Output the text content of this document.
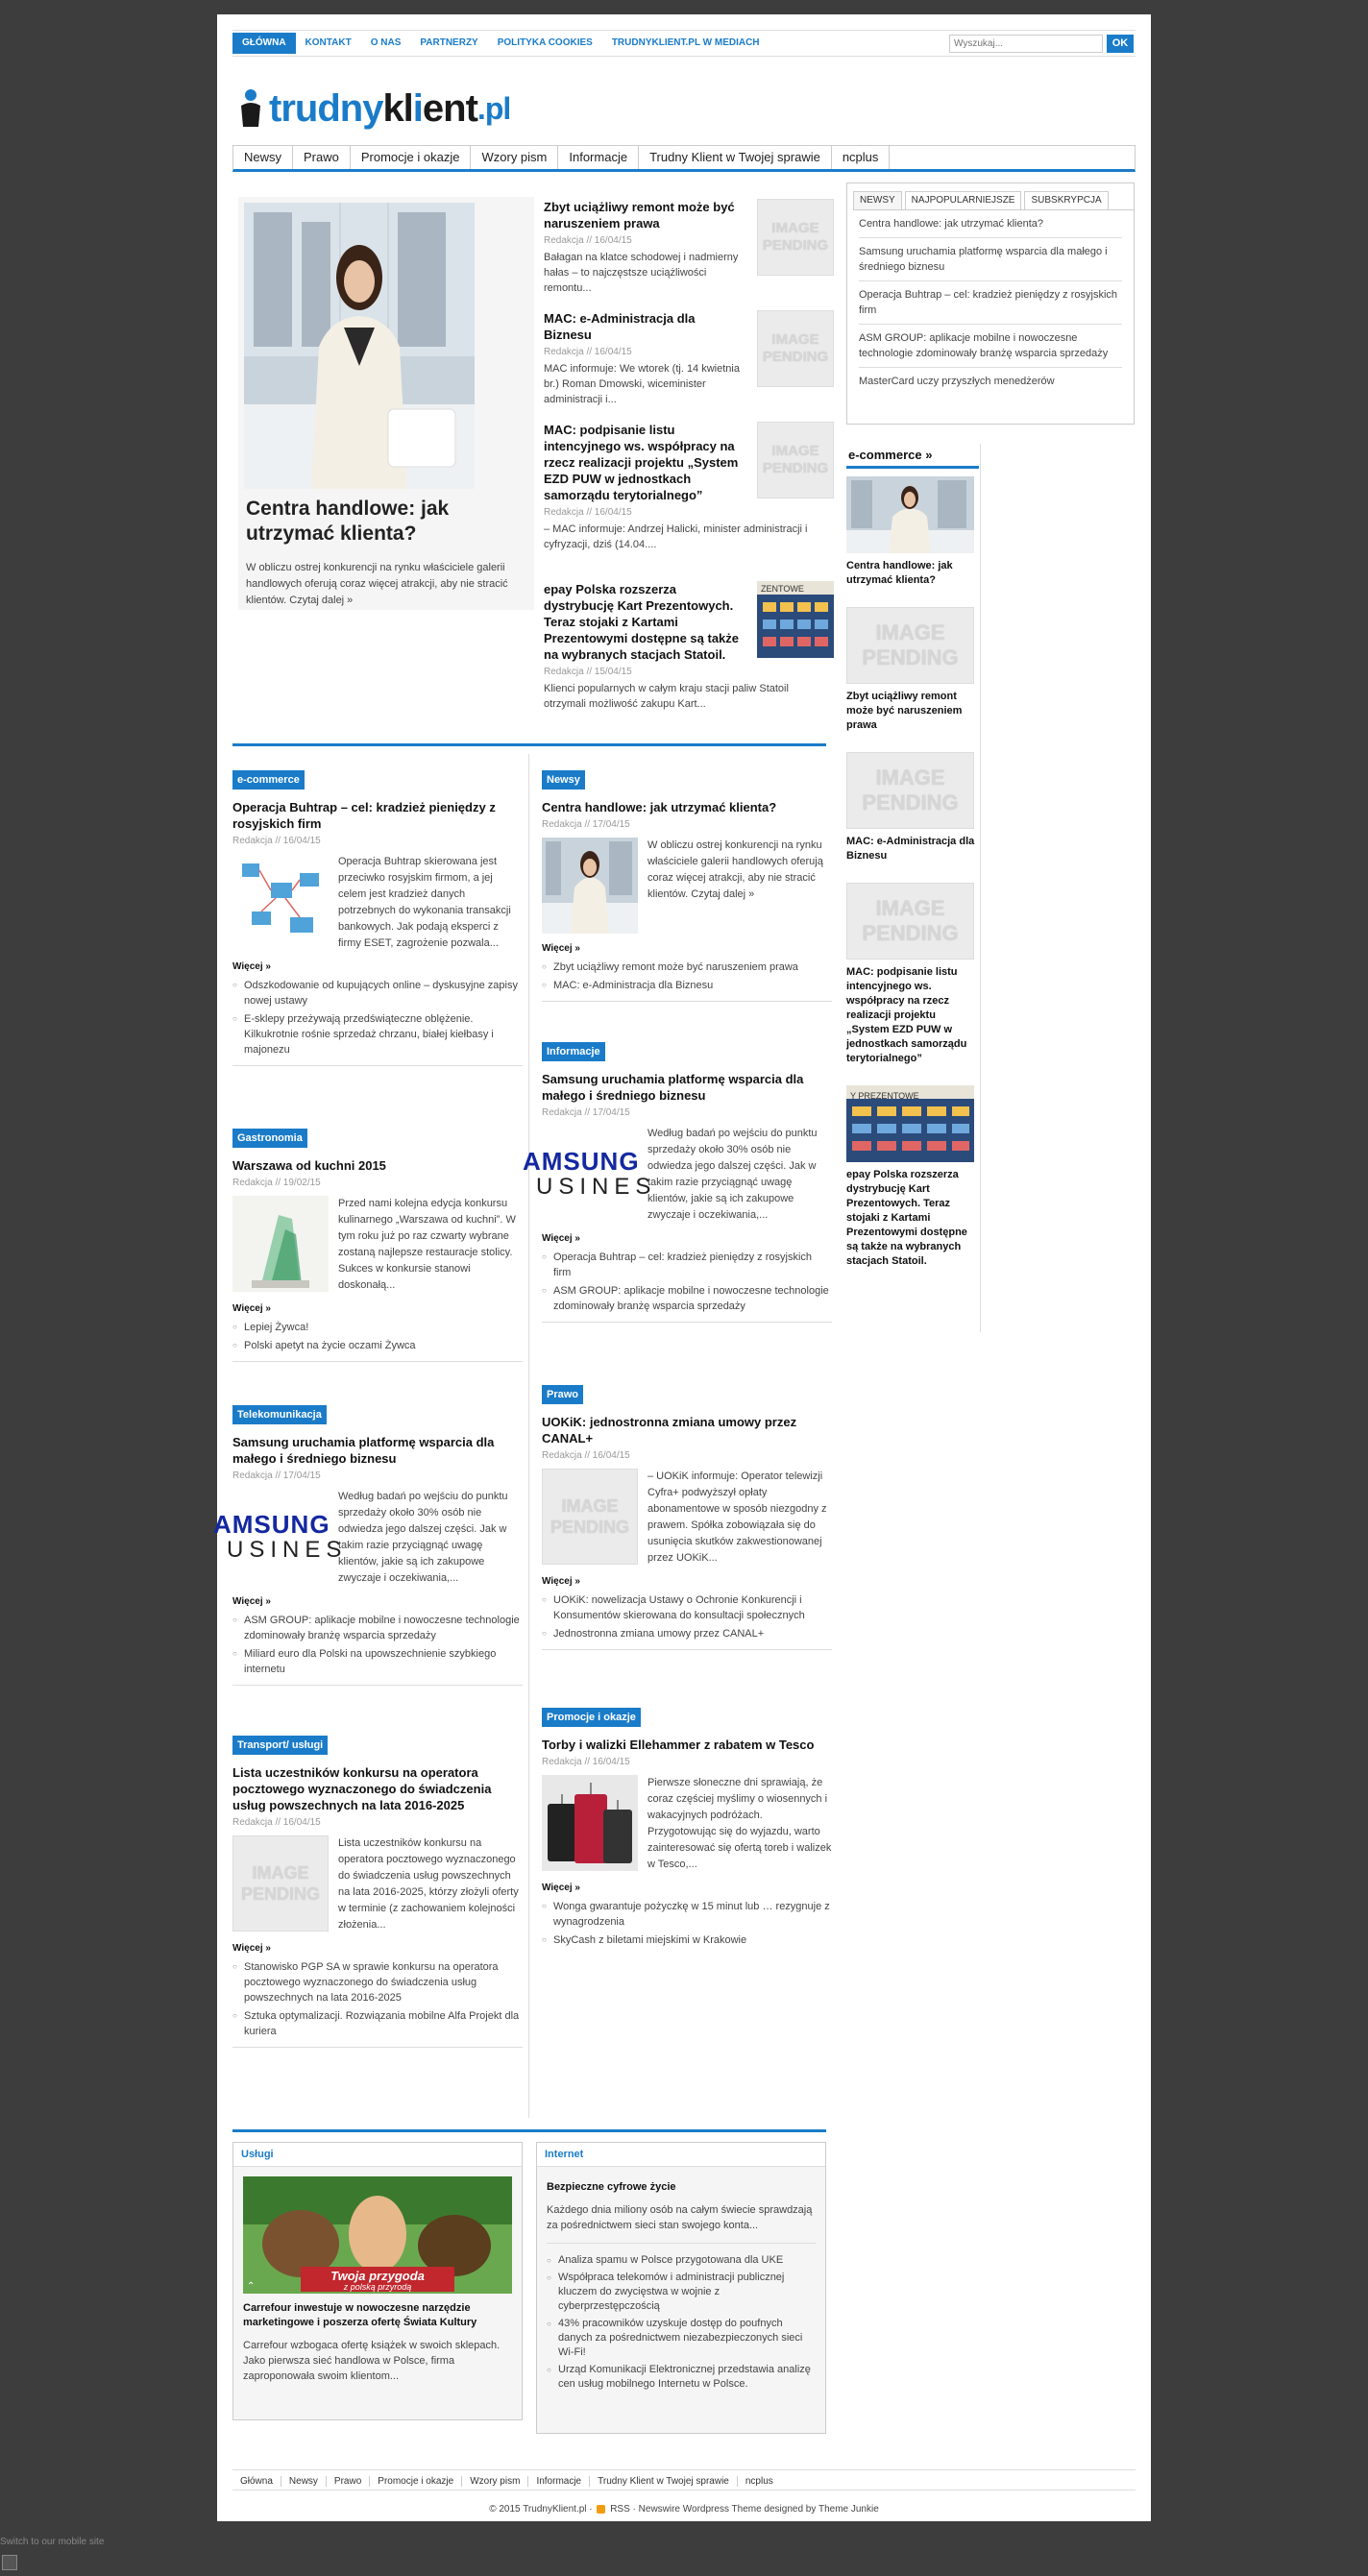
GŁÓWNA	KONTAKT	O NAS	PARTNERZY	POLITYKA COOKIES	TRUDNYKLIENT.PL W MEDIACH
Wyszukaj...	OK
trudny kl i ent .pl
Newsy	Prawo	Promocje i okazje	Wzory pism	Informacje	Trudny Klient w Twojej sprawie	ncplus
Centra handlowe: jak utrzymać klienta?

W obliczu ostrej konkurencji na rynku właściciele galerii handlowych oferują coraz więcej atrakcji, aby nie stracić klientów. Czytaj dalej »

Zbyt uciążliwy remont może być naruszeniem prawa
Redakcja // 16/04/15

Bałagan na klatce schodowej i nadmierny hałas – to najczęstsze uciążliwości remontu...

IMAGE
PENDING
MAC: e-Administracja dla Biznesu
Redakcja // 16/04/15

MAC informuje: We wtorek (tj. 14 kwietnia br.) Roman Dmowski, wiceminister administracji i...

IMAGE
PENDING
MAC: podpisanie listu intencyjnego ws. współpracy na rzecz realizacji projektu „System EZD PUW w jednostkach samorządu terytorialnego”
Redakcja // 16/04/15

– MAC informuje: Andrzej Halicki, minister administracji i cyfryzacji, dziś (14.04....

IMAGE
PENDING
epay Polska rozszerza dystrybucję Kart Prezentowych. Teraz stojaki z Kartami Prezentowymi dostępne są także na wybranych stacjach Statoil.
Redakcja // 15/04/15

Klienci popularnych w całym kraju stacji paliw Statoil otrzymali możliwość zakupu Kart...

ZENTOWE
NEWSY	NAJPOPULARNIEJSZE	SUBSKRYPCJA
Centra handlowe: jak utrzymać klienta?
Samsung uruchamia platformę wsparcia dla małego i średniego biznesu
Operacja Buhtrap – cel: kradzież pieniędzy z rosyjskich firm
ASM GROUP: aplikacje mobilne i nowoczesne technologie zdominowały branżę wsparcia sprzedaży
MasterCard uczy przyszłych menedżerów
e-commerce »
Centra handlowe: jak utrzymać klienta?
IMAGE
PENDING
Zbyt uciążliwy remont może być naruszeniem prawa
IMAGE
PENDING
MAC: e-Administracja dla Biznesu
IMAGE
PENDING
MAC: podpisanie listu intencyjnego ws. współpracy na rzecz realizacji projektu „System EZD PUW w jednostkach samorządu terytorialnego”
Y PREZENTOWE
epay Polska rozszerza dystrybucję Kart Prezentowych. Teraz stojaki z Kartami Prezentowymi dostępne są także na wybranych stacjach Statoil.
e-commerce
Operacja Buhtrap – cel: kradzież pieniędzy z rosyjskich firm
Redakcja // 16/04/15

Operacja Buhtrap skierowana jest przeciwko rosyjskim firmom, a jej celem jest kradzież danych potrzebnych do wykonania transakcji bankowych. Jak podają eksperci z firmy ESET, zagrożenie pozwala...

Więcej »
○ Odszkodowanie od kupujących online – dyskusyjne zapisy nowej ustawy
○ E-sklepy przeżywają przedświąteczne oblężenie. Kilkukrotnie rośnie sprzedaż chrzanu, białej kiełbasy i majonezu
Gastronomia
Warszawa od kuchni 2015
Redakcja // 19/02/15

Przed nami kolejna edycja konkursu kulinarnego „Warszawa od kuchni”. W tym roku już po raz czwarty wybrane zostaną najlepsze restauracje stolicy. Sukces w konkursie stanowi doskonałą...

Więcej »
○ Lepiej Żywca!
○ Polski apetyt na życie oczami Żywca
Telekomunikacja
Samsung uruchamia platformę wsparcia dla małego i średniego biznesu
Redakcja // 17/04/15
AMSUNG
USINES

Według badań po wejściu do punktu sprzedaży około 30% osób nie odwiedza jego dalszej części. Jak w takim razie przyciągnąć uwagę klientów, jakie są ich zakupowe zwyczaje i oczekiwania,...

Więcej »
○ ASM GROUP: aplikacje mobilne i nowoczesne technologie zdominowały branżę wsparcia sprzedaży
○ Miliard euro dla Polski na upowszechnienie szybkiego internetu
Transport/ usługi
Lista uczestników konkursu na operatora pocztowego wyznaczonego do świadczenia usług powszechnych na lata 2016-2025
Redakcja // 16/04/15
IMAGE
PENDING

Lista uczestników konkursu na operatora pocztowego wyznaczonego do świadczenia usług powszechnych na lata 2016-2025, którzy złożyli oferty w terminie (z zachowaniem kolejności złożenia...

Więcej »
○ Stanowisko PGP SA w sprawie konkursu na operatora pocztowego wyznaczonego do świadczenia usług powszechnych na lata 2016-2025
○ Sztuka optymalizacji. Rozwiązania mobilne Alfa Projekt dla kuriera
Newsy
Centra handlowe: jak utrzymać klienta?
Redakcja // 17/04/15

W obliczu ostrej konkurencji na rynku właściciele galerii handlowych oferują coraz więcej atrakcji, aby nie stracić klientów. Czytaj dalej »

Więcej »
○ Zbyt uciążliwy remont może być naruszeniem prawa
○ MAC: e-Administracja dla Biznesu
Informacje
Samsung uruchamia platformę wsparcia dla małego i średniego biznesu
Redakcja // 17/04/15
AMSUNG
USINES

Według badań po wejściu do punktu sprzedaży około 30% osób nie odwiedza jego dalszej części. Jak w takim razie przyciągnąć uwagę klientów, jakie są ich zakupowe zwyczaje i oczekiwania,...

Więcej »
○ Operacja Buhtrap – cel: kradzież pieniędzy z rosyjskich firm
○ ASM GROUP: aplikacje mobilne i nowoczesne technologie zdominowały branżę wsparcia sprzedaży
Prawo
UOKiK: jednostronna zmiana umowy przez CANAL+
Redakcja // 16/04/15
IMAGE
PENDING

– UOKiK informuje: Operator telewizji Cyfra+ podwyższył opłaty abonamentowe w sposób niezgodny z prawem. Spółka zobowiązała się do usunięcia skutków zakwestionowanej przez UOKiK...

Więcej »
○ UOKiK: nowelizacja Ustawy o Ochronie Konkurencji i Konsumentów skierowana do konsultacji społecznych
○ Jednostronna zmiana umowy przez CANAL+
Promocje i okazje
Torby i walizki Ellehammer z rabatem w Tesco
Redakcja // 16/04/15

Pierwsze słoneczne dni sprawiają, że coraz częściej myślimy o wiosennych i wakacyjnych podróżach. Przygotowując się do wyjazdu, warto zainteresować się ofertą toreb i walizek w Tesco,...

Więcej »
○ Wonga gwarantuje pożyczkę w 15 minut lub … rezygnuje z wynagrodzenia
○ SkyCash z biletami miejskimi w Krakowie
Usługi
Twoja przygoda
z polską przyrodą
⌃
Carrefour inwestuje w nowoczesne narzędzie marketingowe i poszerza ofertę Świata Kultury

Carrefour wzbogaca ofertę książek w swoich sklepach. Jako pierwsza sieć handlowa w Polsce, firma zaproponowała swoim klientom...

Internet
Bezpieczne cyfrowe życie

Każdego dnia miliony osób na całym świecie sprawdzają za pośrednictwem sieci stan swojego konta...

○ Analiza spamu w Polsce przygotowana dla UKE
○ Współpraca telekomów i administracji publicznej kluczem do zwycięstwa w wojnie z cyberprzestępczością
○ 43% pracowników uzyskuje dostęp do poufnych danych za pośrednictwem niezabezpieczonych sieci Wi-Fi!
○ Urząd Komunikacji Elektronicznej przedstawia analizę cen usług mobilnego Internetu w Polsce.
Główna	Newsy	Prawo	Promocje i okazje	Wzory pism	Informacje	Trudny Klient w Twojej sprawie	ncplus
© 2015 TrudnyKlient.pl · RSS · Newswire Wordpress Theme designed by Theme Junkie
Switch to our mobile site
